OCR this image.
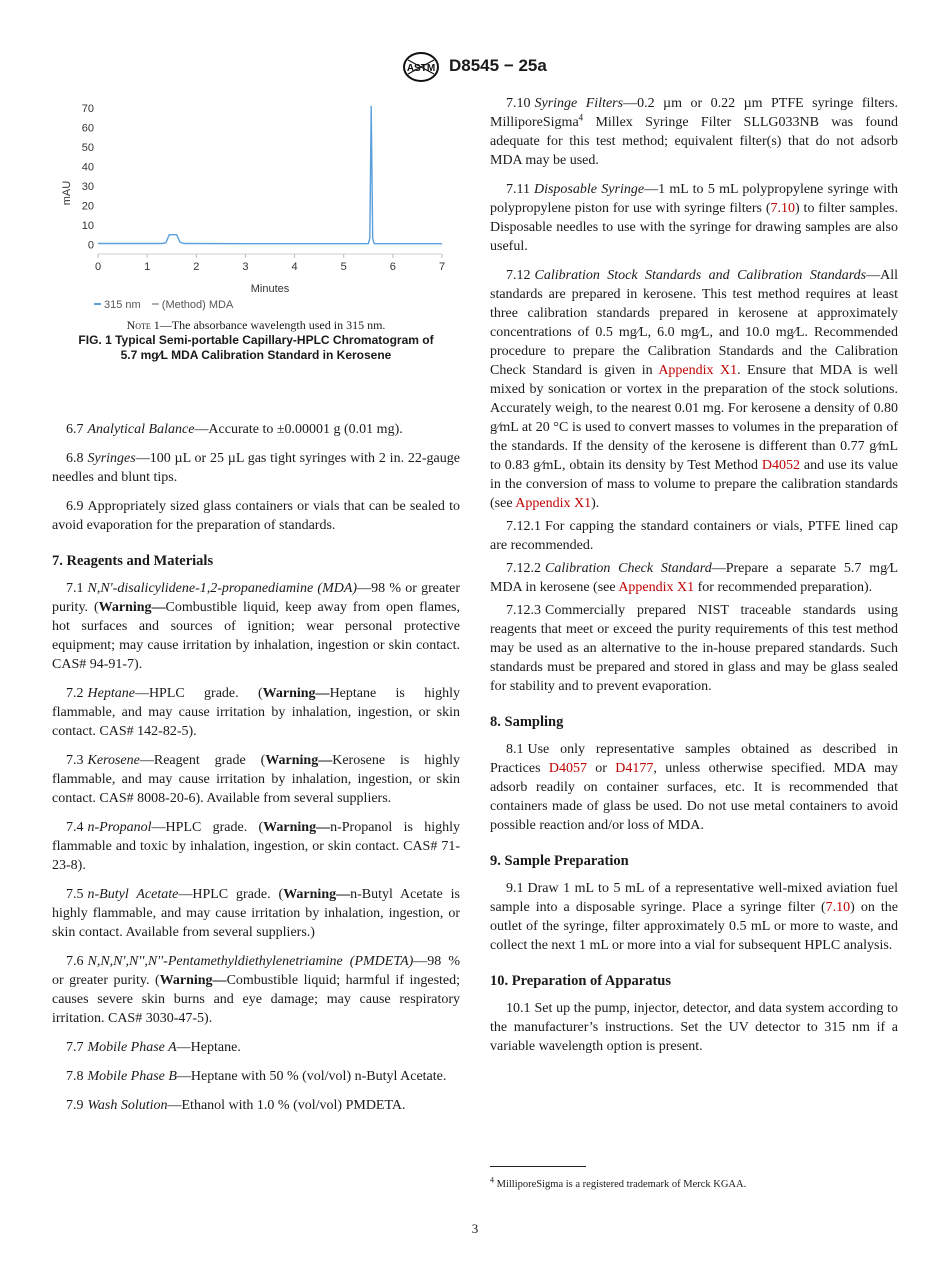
ASTM D8545 − 25a
0	1	2	3	4	5	6	7
0
10
20
30
40
50
60
70
Minutes
mAU
315 nm (Method) MDA
Note 1—The absorbance wavelength used in 315 nm.
FIG. 1 Typical Semi-portable Capillary-HPLC Chromatogram of
5.7 mg⁄L MDA Calibration Standard in Kerosene

6.7 Analytical Balance—Accurate to ±0.00001 g (0.01 mg).

6.8 Syringes—100 µL or 25 µL gas tight syringes with 2 in. 22-gauge needles and blunt tips.

6.9 Appropriately sized glass containers or vials that can be sealed to avoid evaporation for the preparation of standards.

7. Reagents and Materials

7.1 N,N'-disalicylidene-1,2-propanediamine (MDA)—98 % or greater purity. (Warning—Combustible liquid, keep away from open flames, hot surfaces and sources of ignition; wear personal protective equipment; may cause irritation by inhalation, ingestion or skin contact. CAS# 94-91-7).

7.2 Heptane—HPLC grade. (Warning—Heptane is highly flammable, and may cause irritation by inhalation, ingestion, or skin contact. CAS# 142-82-5).

7.3 Kerosene—Reagent grade (Warning—Kerosene is highly flammable, and may cause irritation by inhalation, ingestion, or skin contact. CAS# 8008-20-6). Available from several suppliers.

7.4 n-Propanol—HPLC grade. (Warning—n-Propanol is highly flammable and toxic by inhalation, ingestion, or skin contact. CAS# 71-23-8).

7.5 n-Butyl Acetate—HPLC grade. (Warning—n-Butyl Acetate is highly flammable, and may cause irritation by inhalation, ingestion, or skin contact. Available from several suppliers.)

7.6 N,N,N',N'',N''-Pentamethyldiethylenetriamine (PMDETA)—98 % or greater purity. (Warning—Combustible liquid; harmful if ingested; causes severe skin burns and eye damage; may cause respiratory irritation. CAS# 3030-47-5).

7.7 Mobile Phase A—Heptane.

7.8 Mobile Phase B—Heptane with 50 % (vol/vol) n-Butyl Acetate.

7.9 Wash Solution—Ethanol with 1.0 % (vol/vol) PMDETA.

7.10 Syringe Filters—0.2 µm or 0.22 µm PTFE syringe filters. MilliporeSigma$^4$ Millex Syringe Filter SLLG033NB was found adequate for this test method; equivalent filter(s) that do not adsorb MDA may be used.

7.11 Disposable Syringe—1 mL to 5 mL polypropylene syringe with polypropylene piston for use with syringe filters (7.10) to filter samples. Disposable needles to use with the syringe for drawing samples are also useful.

7.12 Calibration Stock Standards and Calibration Standards—All standards are prepared in kerosene. This test method requires at least three calibration standards prepared in kerosene at approximately concentrations of 0.5 mg⁄L, 6.0 mg⁄L, and 10.0 mg⁄L. Recommended procedure to prepare the Calibration Standards and the Calibration Check Standard is given in Appendix X1. Ensure that MDA is well mixed by sonication or vortex in the preparation of the stock solutions. Accurately weigh, to the nearest 0.01 mg. For kerosene a density of 0.80 g⁄mL at 20 °C is used to convert masses to volumes in the preparation of the standards. If the density of the kerosene is different than 0.77 g⁄mL to 0.83 g⁄mL, obtain its density by Test Method D4052 and use its value in the conversion of mass to volume to prepare the calibration standards (see Appendix X1).

7.12.1 For capping the standard containers or vials, PTFE lined cap are recommended.

7.12.2 Calibration Check Standard—Prepare a separate 5.7 mg⁄L MDA in kerosene (see Appendix X1 for recommended preparation).

7.12.3 Commercially prepared NIST traceable standards using reagents that meet or exceed the purity requirements of this test method may be used as an alternative to the in-house prepared standards. Such standards must be prepared and stored in glass and may be glass sealed for stability and to prevent evaporation.

8. Sampling

8.1 Use only representative samples obtained as described in Practices D4057 or D4177, unless otherwise specified. MDA may adsorb readily on container surfaces, etc. It is recommended that containers made of glass be used. Do not use metal containers to avoid possible reaction and/or loss of MDA.

9. Sample Preparation

9.1 Draw 1 mL to 5 mL of a representative well-mixed aviation fuel sample into a disposable syringe. Place a syringe filter (7.10) on the outlet of the syringe, filter approximately 0.5 mL or more to waste, and collect the next 1 mL or more into a vial for subsequent HPLC analysis.

10. Preparation of Apparatus

10.1 Set up the pump, injector, detector, and data system according to the manufacturer’s instructions. Set the UV detector to 315 nm if a variable wavelength option is present.

$^4$ MilliporeSigma is a registered trademark of Merck KGAA.
3
